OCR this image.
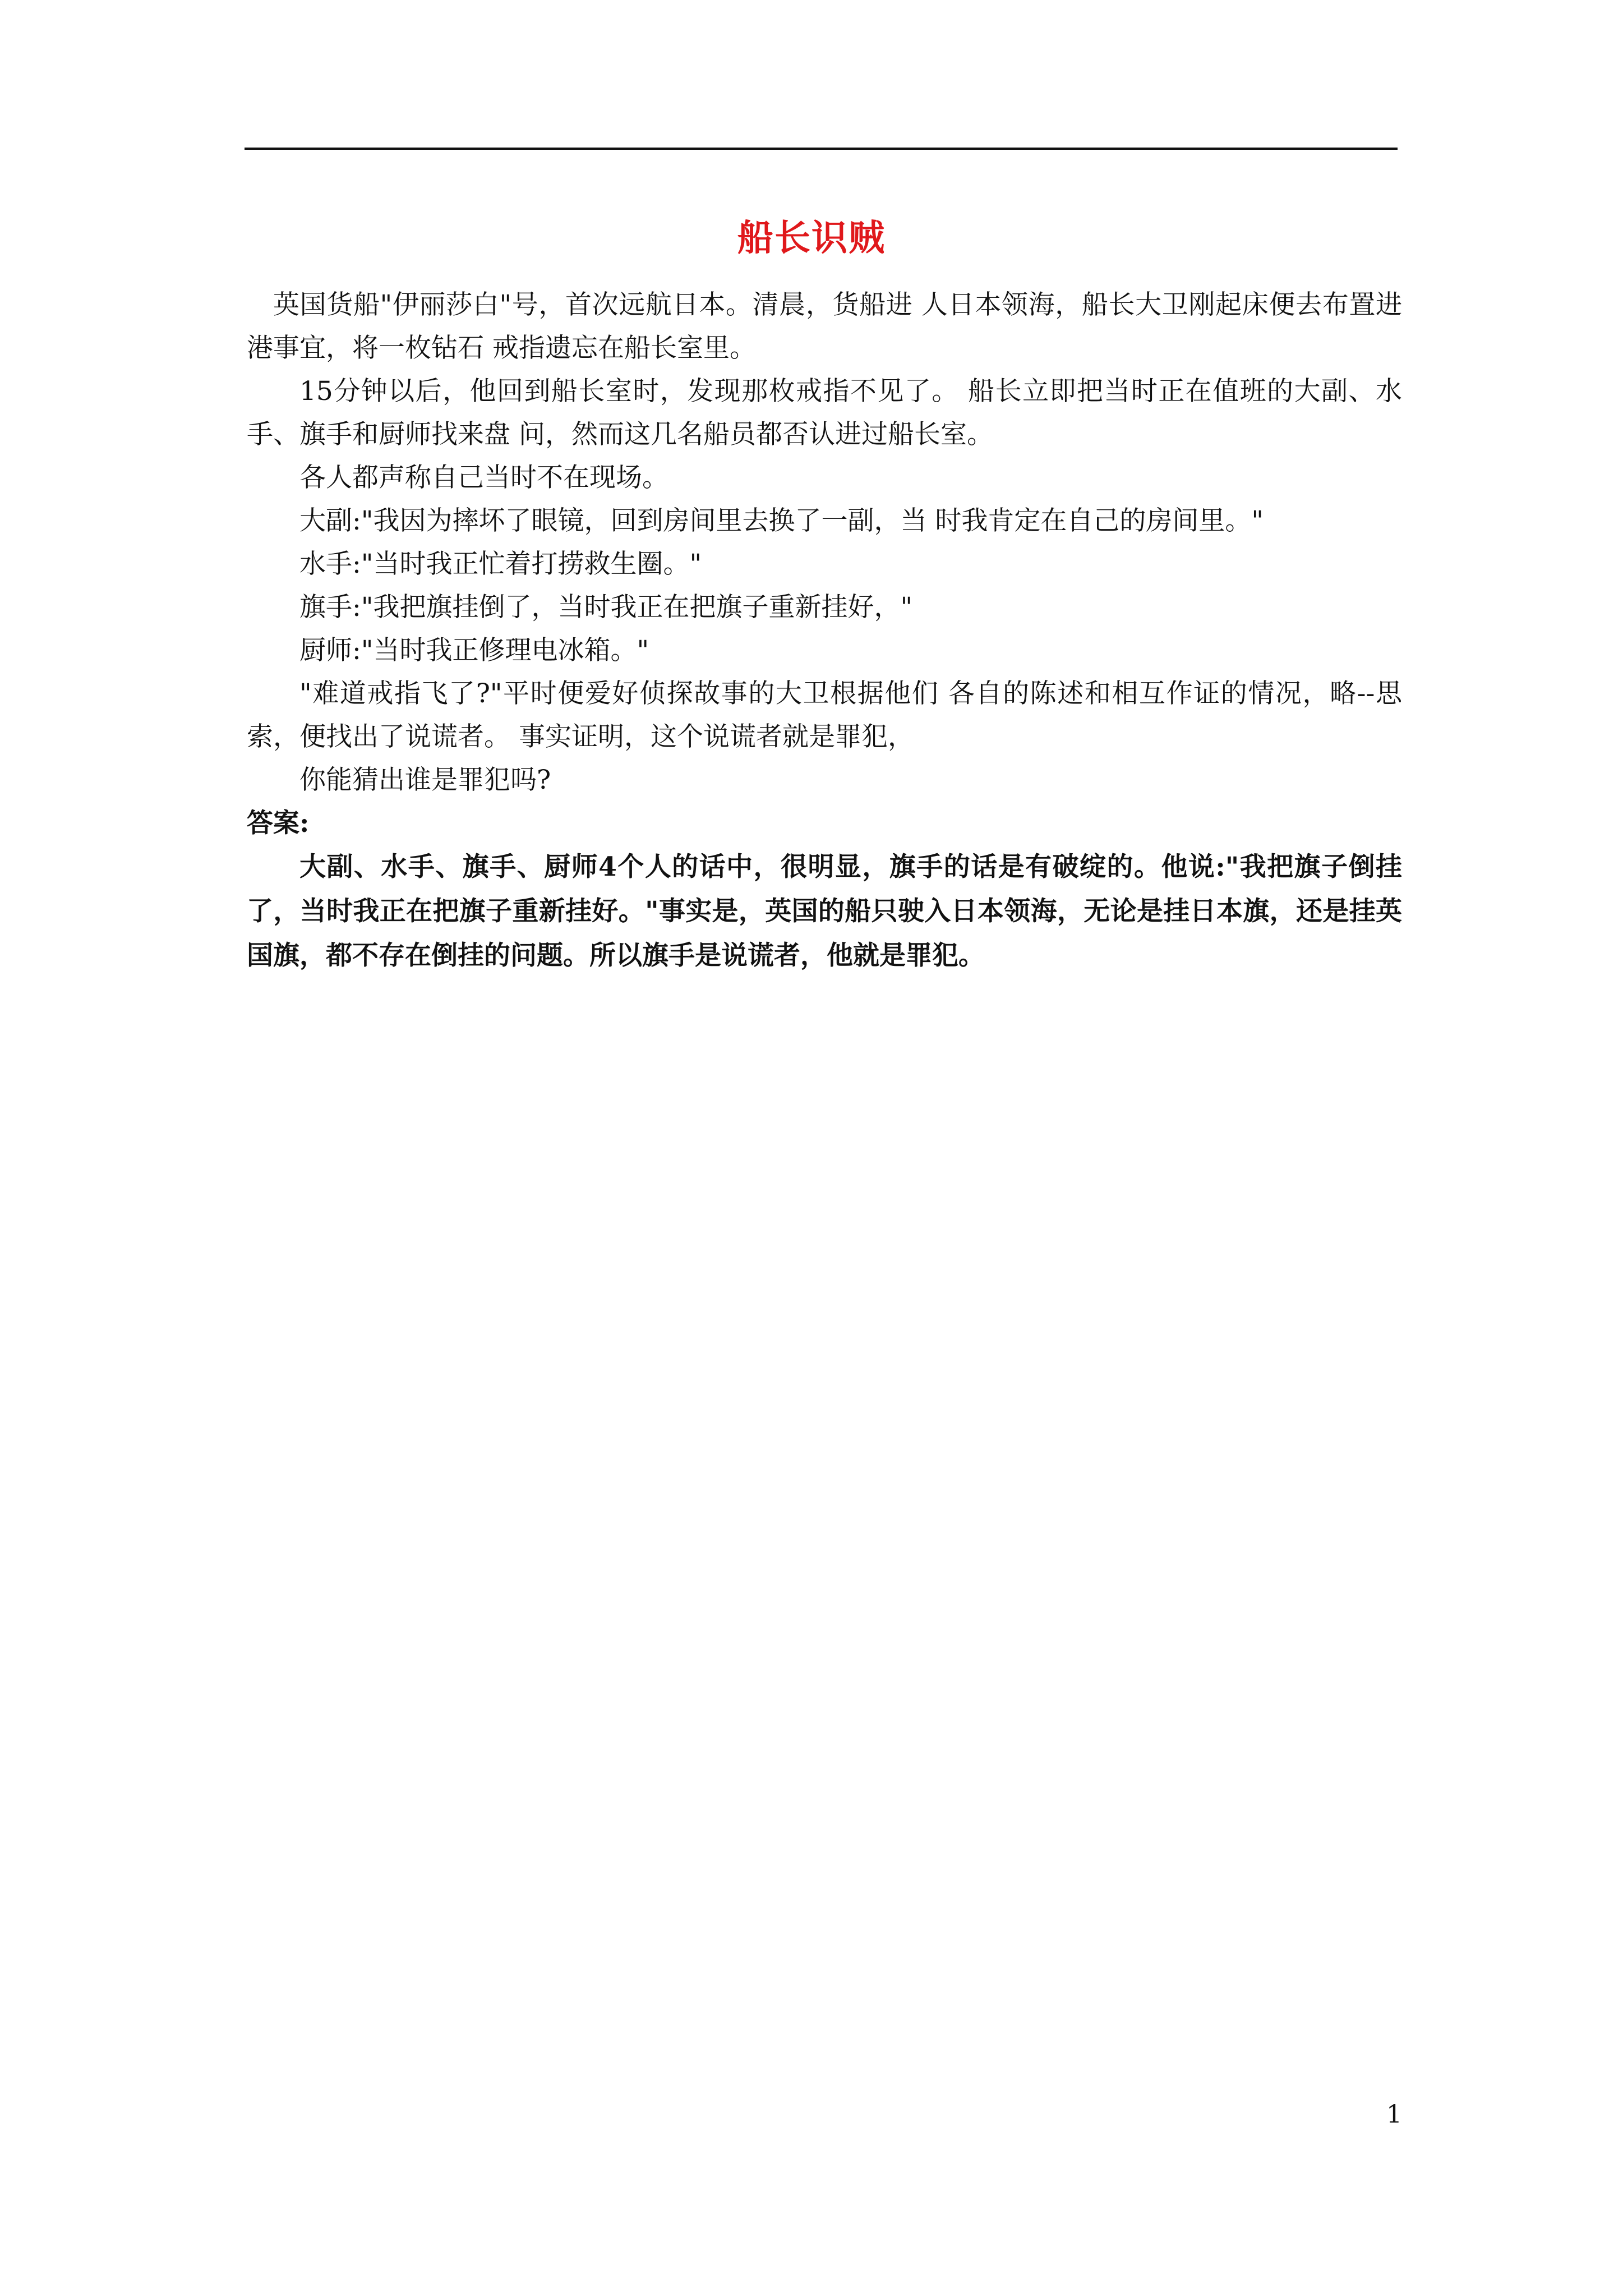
船长识贼

英国货船"伊丽莎白"号，首次远航日本。清晨，货船进 人日本领海，船长大卫刚起床便去布置进港事宜，将一枚钻石 戒指遗忘在船长室里。

15分钟以后，他回到船长室时，发现那枚戒指不见了。 船长立即把当时正在值班的大副、水手、旗手和厨师找来盘 问，然而这几名船员都否认进过船长室。

各人都声称自己当时不在现场。

大副:"我因为摔坏了眼镜，回到房间里去换了一副，当 时我肯定在自己的房间里。"

水手:"当时我正忙着打捞救生圈。"

旗手:"我把旗挂倒了，当时我正在把旗子重新挂好，"

厨师:"当时我正修理电冰箱。"

"难道戒指飞了?"平时便爱好侦探故事的大卫根据他们 各自的陈述和相互作证的情况，略--思索，便找出了说谎者。 事实证明，这个说谎者就是罪犯，

你能猜出谁是罪犯吗?

答案:

大副、水手、旗手、厨师4个人的话中，很明显，旗手的话是有破绽的。他说:"我把旗子倒挂了，当时我正在把旗子重新挂好。"事实是，英国的船只驶入日本领海，无论是挂日本旗，还是挂英国旗，都不存在倒挂的问题。所以旗手是说谎者，他就是罪犯。

1
